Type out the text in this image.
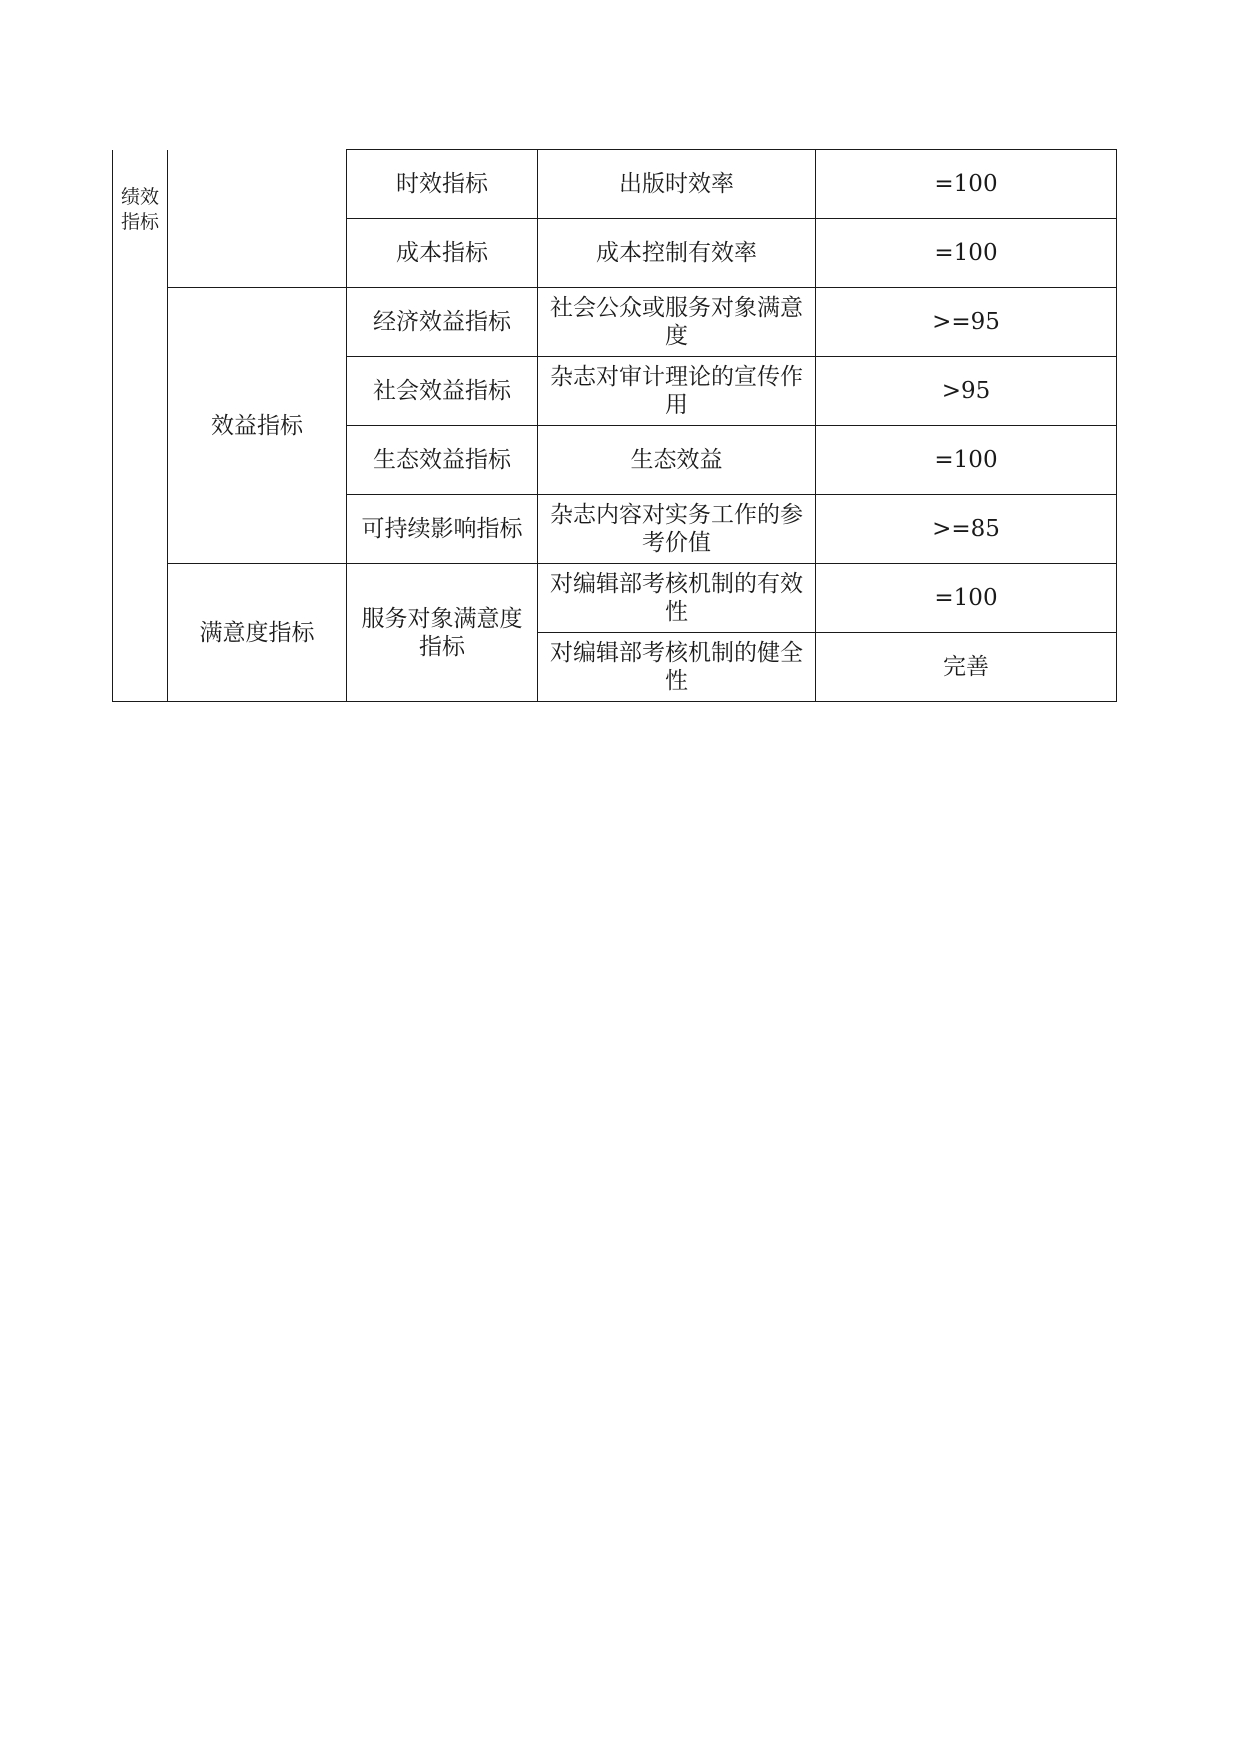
绩效指标		时效指标	出版时效率	=100

		成本指标	成本控制有效率	=100

	效益指标	经济效益指标	社会公众或服务对象满意度	>=95

		社会效益指标	杂志对审计理论的宣传作用	>95

		生态效益指标	生态效益	=100

		可持续影响指标	杂志内容对实务工作的参考价值	>=85

	满意度指标	服务对象满意度指标	对编辑部考核机制的有效性	=100

			对编辑部考核机制的健全性	完善
